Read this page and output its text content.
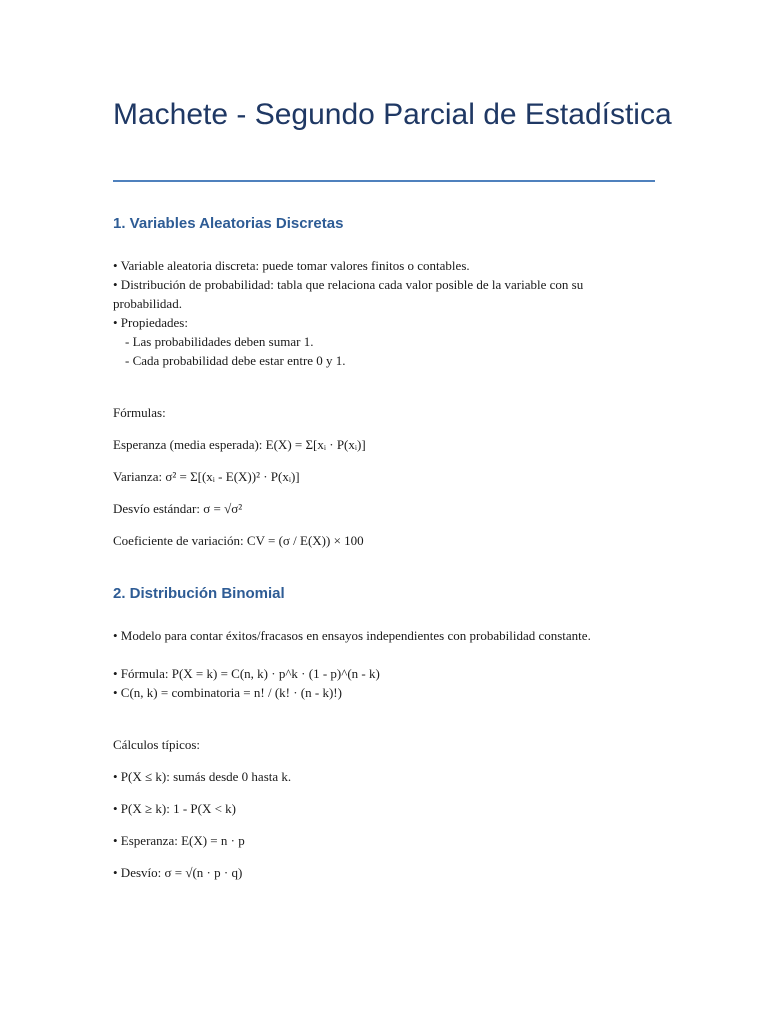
Machete - Segundo Parcial de Estadística
1. Variables Aleatorias Discretas

• Variable aleatoria discreta: puede tomar valores finitos o contables.

• Distribución de probabilidad: tabla que relaciona cada valor posible de la variable con su probabilidad.

• Propiedades:

- Las probabilidades deben sumar 1.

- Cada probabilidad debe estar entre 0 y 1.

Fórmulas:

Esperanza (media esperada): E(X) = Σ[xᵢ · P(xᵢ)]

Varianza: σ² = Σ[(xᵢ - E(X))² · P(xᵢ)]

Desvío estándar: σ = √σ²

Coeficiente de variación: CV = (σ / E(X)) × 100

2. Distribución Binomial

• Modelo para contar éxitos/fracasos en ensayos independientes con probabilidad constante.

• Fórmula: P(X = k) = C(n, k) · p^k · (1 - p)^(n - k)

• C(n, k) = combinatoria = n! / (k! · (n - k)!)

Cálculos típicos:

• P(X ≤ k): sumás desde 0 hasta k.

• P(X ≥ k): 1 - P(X < k)

• Esperanza: E(X) = n · p

• Desvío: σ = √(n · p · q)
